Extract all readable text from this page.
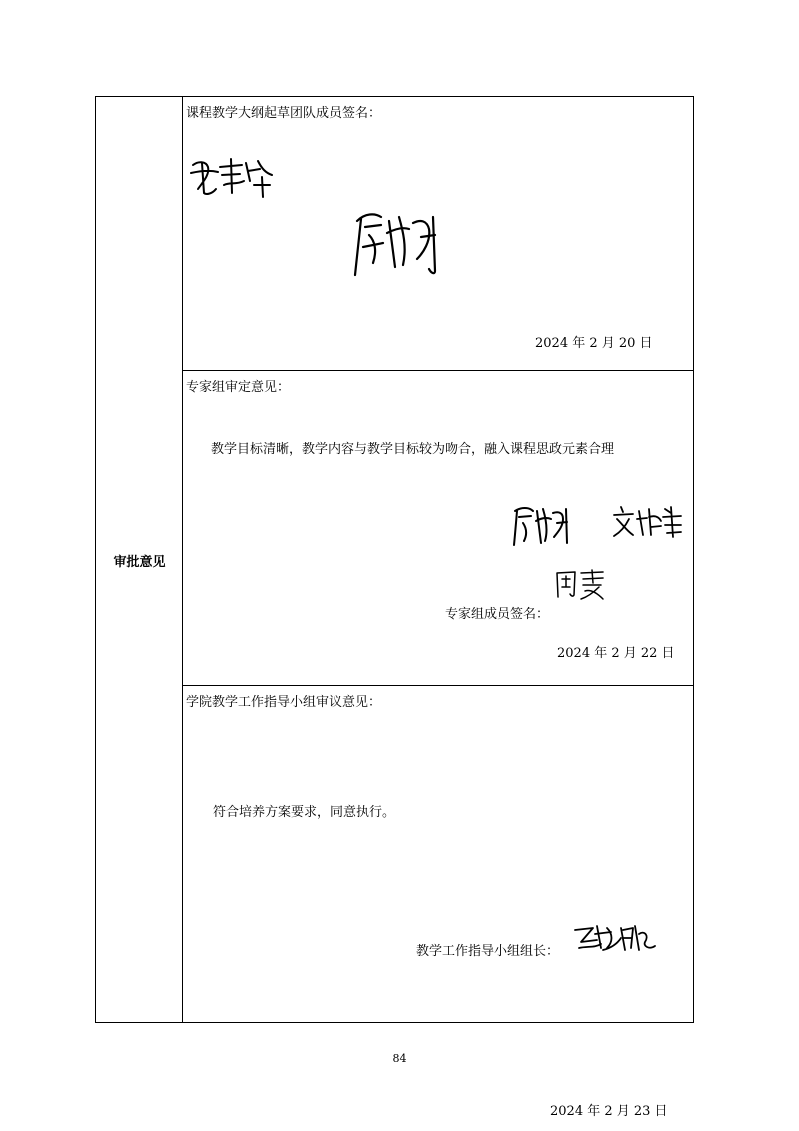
审批意见
课程教学大纲起草团队成员签名：
2024 年 2 月 20 日
专家组审定意见：
教学目标清晰，教学内容与教学目标较为吻合，融入课程思政元素合理
专家组成员签名：
2024 年 2 月 22 日
学院教学工作指导小组审议意见：
符合培养方案要求，同意执行。
教学工作指导小组组长：
2024 年 2 月 23 日
84
